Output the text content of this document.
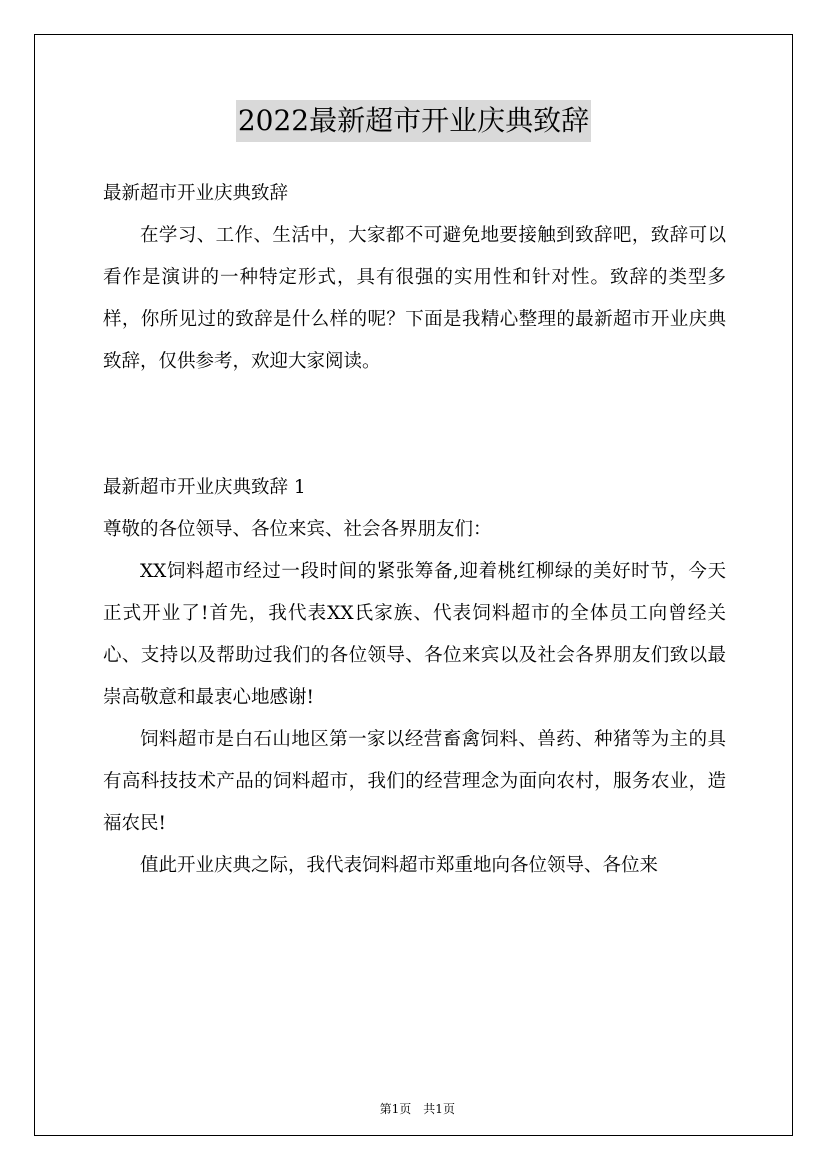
2022最新超市开业庆典致辞

最新超市开业庆典致辞

在学习、工作、生活中，大家都不可避免地要接触到致辞吧，致辞可以看作是演讲的一种特定形式，具有很强的实用性和针对性。致辞的类型多样，你所见过的致辞是什么样的呢？下面是我精心整理的最新超市开业庆典致辞，仅供参考，欢迎大家阅读。

最新超市开业庆典致辞 1

尊敬的各位领导、各位来宾、社会各界朋友们：

XX饲料超市经过一段时间的紧张筹备,迎着桃红柳绿的美好时节，今天正式开业了!首先，我代表XX氏家族、代表饲料超市的全体员工向曾经关心、支持以及帮助过我们的各位领导、各位来宾以及社会各界朋友们致以最崇高敬意和最衷心地感谢!

饲料超市是白石山地区第一家以经营畜禽饲料、兽药、种猪等为主的具有高科技技术产品的饲料超市，我们的经营理念为面向农村，服务农业，造福农民!

值此开业庆典之际，我代表饲料超市郑重地向各位领导、各位来

第1页　共1页
